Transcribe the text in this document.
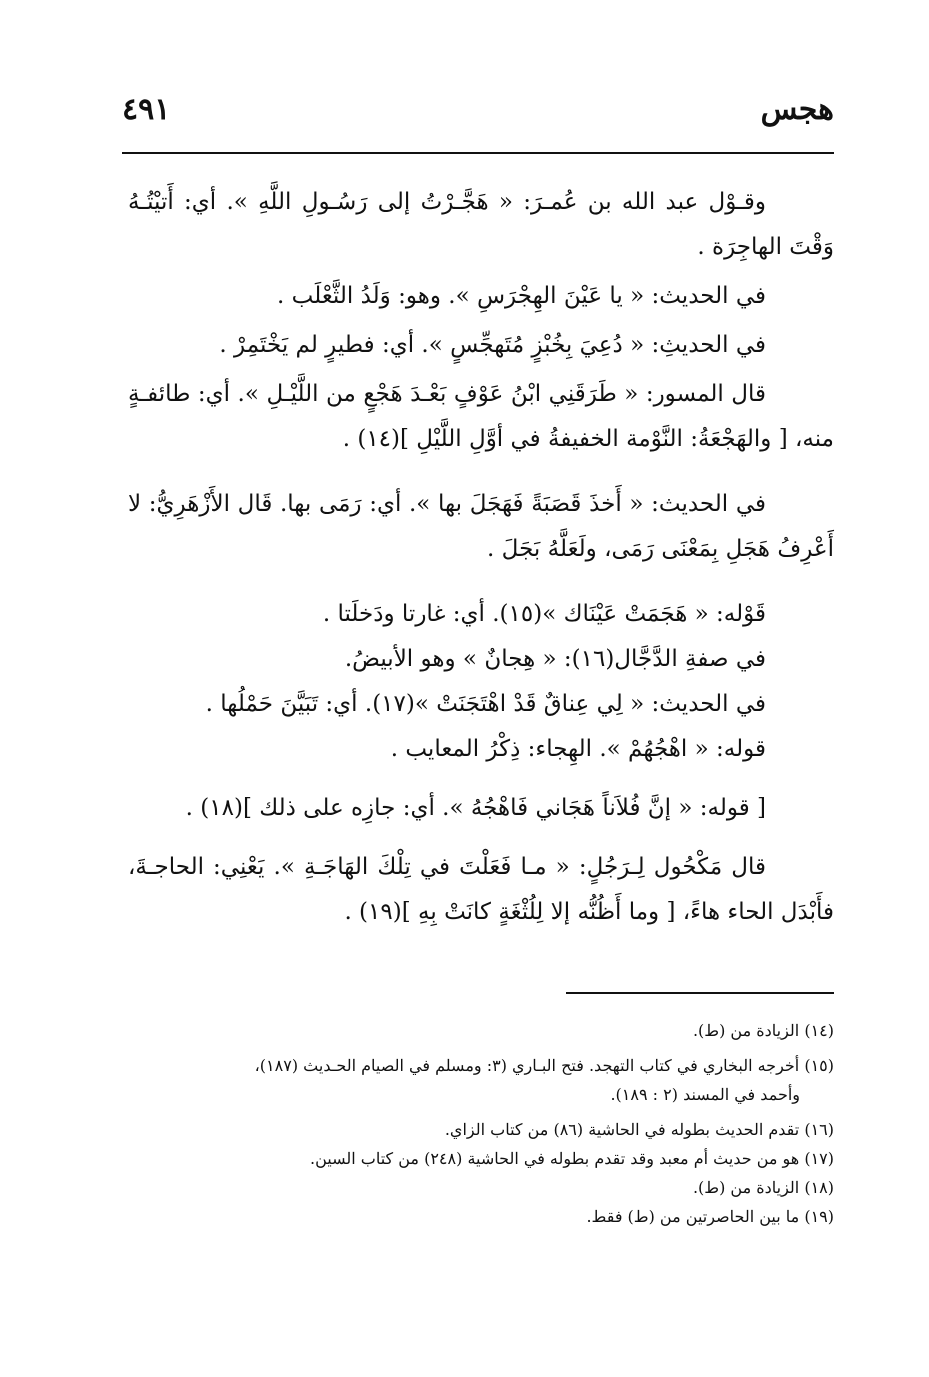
هجس
٤٩١

وقـوْل عبد الله بن عُمـرَ: « هَجَّـرْتُ إلى رَسُـولِ اللَّهِ ». أي: أَتيْتُـهُ وَقْتَ الهاجِرَة .

في الحديث: « يا عَيْنَ الهِجْرَسِ ». وهو: وَلَدُ الثَّعْلَب .

في الحديثِ: « دُعِيَ بِخُبْزٍ مُتَهجِّسٍ ». أي: فطيرٍ لم يَخْتَمِرْ .

قال المسور: « طَرَقَنِي ابْنُ عَوْفٍ بَعْـدَ هَجْعٍ من اللَّيْـلِ ». أي: طائفـةٍ منه، [ والهَجْعَةُ: النَّوْمة الخفيفةُ في أوَّلِ اللَّيْلِ ](١٤) .

في الحديث: « أَخذَ قَصَبَةً فَهَجَلَ بها ». أي: رَمَى بها. قَال الأَزْهَرِيُّ: لا أَعْرِفُ هَجَلِ بِمَعْنَى رَمَى، ولَعَلَّهُ بَجَلَ .

قَوْله: « هَجَمَتْ عَيْنَاك »(١٥). أي: غارتا ودَخلَتا .

في صفةِ الدَّجَّال(١٦): « هِجانٌ » وهو الأبيضُ.

في الحديث: « لِي عِناقٌ قَدْ اهْتَجَنَتْ »(١٧). أي: تَبَيَّنَ حَمْلُها .

قوله: « اهْجُهُمْ ». الهِجاء: ذِكْرُ المعايب .

[ قوله: « إنَّ فُلاَناً هَجَاني فَاهْجُهُ ». أي: جازِه على ذلك ](١٨) .

قال مَكْحُول لِـرَجُلٍ: « مـا فَعَلْتَ في تِلْكَ الهَاجَـةِ ». يَعْنِي: الحاجـةَ، فأَبْدَل الحاء هاءً، [ وما أَظُنُّه إلا لِلُثْغَةٍ كانَتْ بِهِ ](١٩) .

(١٤) الزيادة من (ط).

(١٥) أخرجه البخاري في كتاب التهجد. فتح البـاري (٣: ومسلم في الصيام الحـديث (١٨٧)،

وأحمد في المسند (٢ : ١٨٩).

(١٦) تقدم الحديث بطوله في الحاشية (٨٦) من كتاب الزاي.

(١٧) هو من حديث أم معبد وقد تقدم بطوله في الحاشية (٢٤٨) من كتاب السين.

(١٨) الزيادة من (ط).

(١٩) ما بين الحاصرتين من (ط) فقط.
